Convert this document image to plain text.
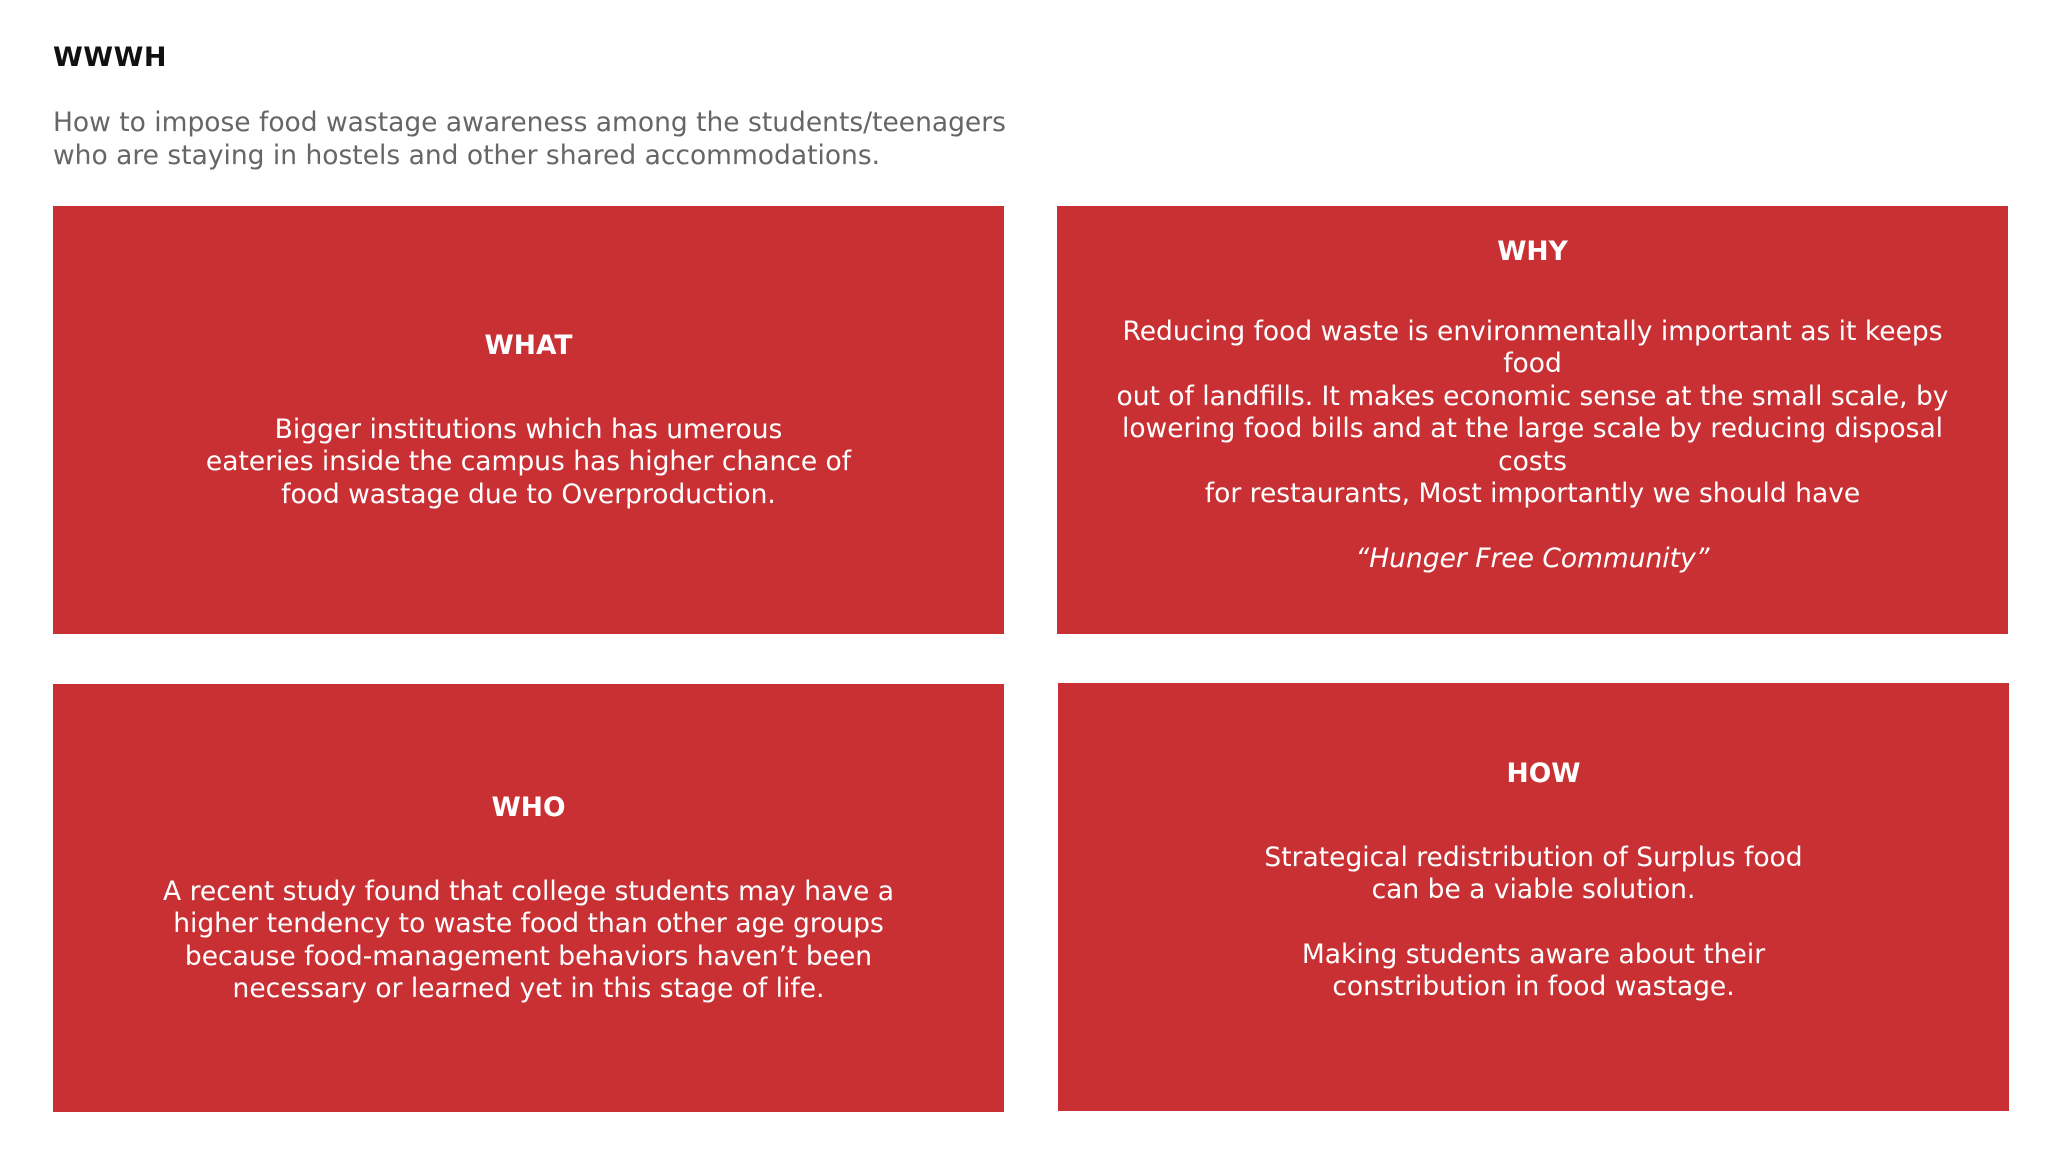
WWWH
How to impose food wastage awareness among the students/teenagers who are staying in hostels and other shared accommodations.
WHAT
Bigger institutions which has umerous
eateries inside the campus has higher chance of
food wastage due to Overproduction.
WHY
Reducing food waste is environmentally important as it keeps food
out of landfills. It makes economic sense at the small scale, by
lowering food bills and at the large scale by reducing disposal costs
for restaurants, Most importantly we should have
“Hunger Free Community”
WHO
A recent study found that college students may have a
higher tendency to waste food than other age groups
because food-management behaviors haven’t been
necessary or learned yet in this stage of life.
HOW
Strategical redistribution of Surplus food
can be a viable solution.
Making students aware about their
constribution in food wastage.
